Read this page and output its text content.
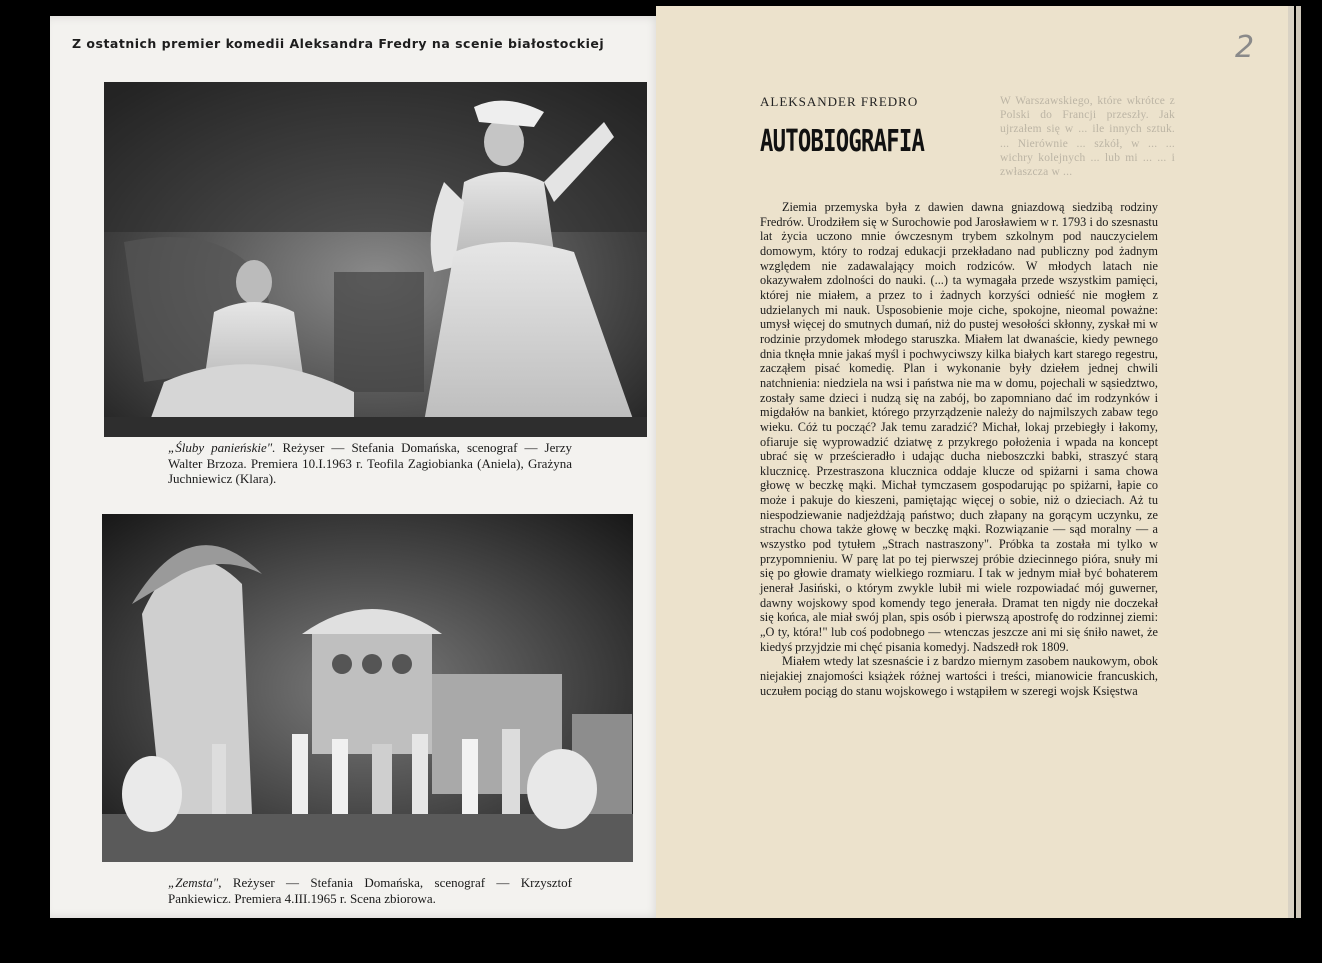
Z ostatnich premier komedii Aleksandra Fredry na scenie białostockiej
„Śluby panieńskie". Reżyser — Stefania Domańska, scenograf — Jerzy Walter Brzoza. Premiera 10.I.1963 r. Teofila Zagiobianka (Aniela), Grażyna Juchniewicz (Klara).
„Zemsta", Reżyser — Stefania Domańska, scenograf — Krzysztof Pankiewicz. Premiera 4.III.1965 r. Scena zbiorowa.
2
W Warszawskiego, które wkrótce z Polski do Francji przeszły. Jak ujrzałem się w ... ile innych sztuk. ... Nierównie ... szkół, w ... ... wichry kolejnych ... lub mi ... ... i zwłaszcza w ...
ALEKSANDER FREDRO
AUTOBIOGRAFIA

Ziemia przemyska była z dawien dawna gniazdową siedzibą rodziny Fredrów. Urodziłem się w Surochowie pod Jarosławiem w r. 1793 i do szesnastu lat życia uczono mnie ówczesnym trybem szkolnym pod nauczycielem domowym, który to rodzaj edukacji przekładano nad publiczny pod żadnym względem nie zadawalający moich rodziców. W młodych latach nie okazywałem zdolności do nauki. (...) ta wymagała przede wszystkim pamięci, której nie miałem, a przez to i żadnych korzyści odnieść nie mogłem z udzielanych mi nauk. Usposobienie moje ciche, spokojne, nieomal poważne: umysł więcej do smutnych dumań, niż do pustej wesołości skłonny, zyskał mi w rodzinie przydomek młodego staruszka. Miałem lat dwanaście, kiedy pewnego dnia tknęła mnie jakaś myśl i pochwyciwszy kilka białych kart starego regestru, zacząłem pisać komedię. Plan i wykonanie były dziełem jednej chwili natchnienia: niedziela na wsi i państwa nie ma w domu, pojechali w sąsiedztwo, zostały same dzieci i nudzą się na zabój, bo zapomniano dać im rodzynków i migdałów na bankiet, którego przyrządzenie należy do najmilszych zabaw tego wieku. Cóż tu począć? Jak temu zaradzić? Michał, lokaj przebiegły i łakomy, ofiaruje się wyprowadzić dziatwę z przykrego położenia i wpada na koncept ubrać się w prześcieradło i udając ducha nieboszczki babki, straszyć starą klucznicę. Przestraszona klucznica oddaje klucze od spiżarni i sama chowa głowę w beczkę mąki. Michał tymczasem gospodarując po spiżarni, łapie co może i pakuje do kieszeni, pamiętając więcej o sobie, niż o dzieciach. Aż tu niespodziewanie nadjeżdżają państwo; duch złapany na gorącym uczynku, ze strachu chowa także głowę w beczkę mąki. Rozwiązanie — sąd moralny — a wszystko pod tytułem „Strach nastraszony". Próbka ta została mi tylko w przypomnieniu. W parę lat po tej pierwszej próbie dziecinnego pióra, snuły mi się po głowie dramaty wielkiego rozmiaru. I tak w jednym miał być bohaterem jenerał Jasiński, o którym zwykle lubił mi wiele rozpowiadać mój guwerner, dawny wojskowy spod komendy tego jenerała. Dramat ten nigdy nie doczekał się końca, ale miał swój plan, spis osób i pierwszą apostrofę do rodzinnej ziemi: „O ty, która!" lub coś podobnego — wtenczas jeszcze ani mi się śniło nawet, że kiedyś przyjdzie mi chęć pisania komedyj. Nadszedł rok 1809.

Miałem wtedy lat szesnaście i z bardzo miernym zasobem naukowym, obok niejakiej znajomości książek różnej wartości i treści, mianowicie francuskich, uczułem pociąg do stanu wojskowego i wstąpiłem w szeregi wojsk Księstwa
